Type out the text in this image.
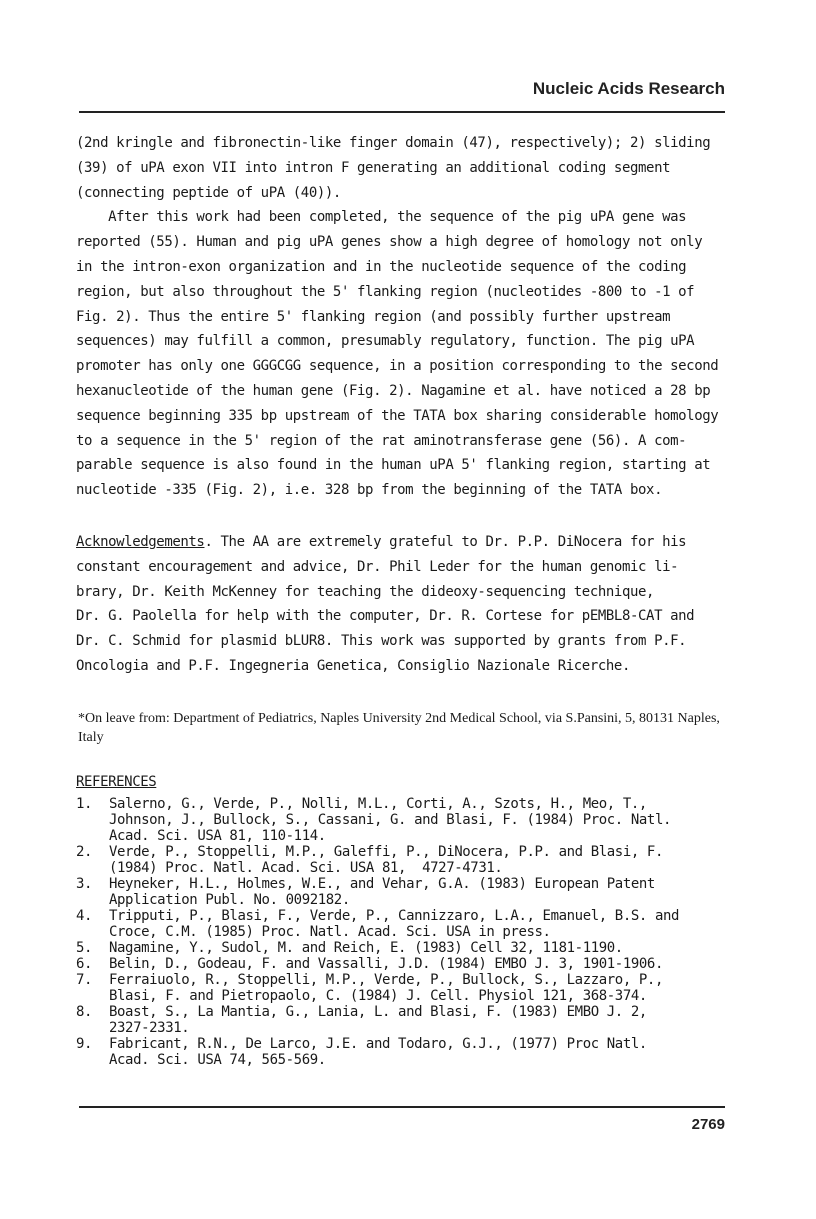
Nucleic Acids Research
(2nd kringle and fibronectin-like finger domain (47), respectively); 2) sliding
(39) of uPA exon VII into intron F generating an additional coding segment
(connecting peptide of uPA (40)).
After this work had been completed, the sequence of the pig uPA gene was
reported (55). Human and pig uPA genes show a high degree of homology not only
in the intron-exon organization and in the nucleotide sequence of the coding
region, but also throughout the 5' flanking region (nucleotides -800 to -1 of
Fig. 2). Thus the entire 5' flanking region (and possibly further upstream
sequences) may fulfill a common, presumably regulatory, function. The pig uPA
promoter has only one GGGCGG sequence, in a position corresponding to the second
hexanucleotide of the human gene (Fig. 2). Nagamine et al. have noticed a 28 bp
sequence beginning 335 bp upstream of the TATA box sharing considerable homology
to a sequence in the 5' region of the rat aminotransferase gene (56). A com-
parable sequence is also found in the human uPA 5' flanking region, starting at
nucleotide -335 (Fig. 2), i.e. 328 bp from the beginning of the TATA box.
Acknowledgements. The AA are extremely grateful to Dr. P.P. DiNocera for his
constant encouragement and advice, Dr. Phil Leder for the human genomic li-
brary, Dr. Keith McKenney for teaching the dideoxy-sequencing technique,
Dr. G. Paolella for help with the computer, Dr. R. Cortese for pEMBL8-CAT and
Dr. C. Schmid for plasmid bLUR8. This work was supported by grants from P.F.
Oncologia and P.F. Ingegneria Genetica, Consiglio Nazionale Ricerche.
*On leave from: Department of Pediatrics, Naples University 2nd Medical School, via S.Pansini, 5, 80131 Naples, Italy
REFERENCES
1. Salerno, G., Verde, P., Nolli, M.L., Corti, A., Szots, H., Meo, T.,
Johnson, J., Bullock, S., Cassani, G. and Blasi, F. (1984) Proc. Natl.
Acad. Sci. USA 81, 110-114.
2. Verde, P., Stoppelli, M.P., Galeffi, P., DiNocera, P.P. and Blasi, F.
(1984) Proc. Natl. Acad. Sci. USA 81,  4727-4731.
3. Heyneker, H.L., Holmes, W.E., and Vehar, G.A. (1983) European Patent
Application Publ. No. 0092182.
4. Tripputi, P., Blasi, F., Verde, P., Cannizzaro, L.A., Emanuel, B.S. and
Croce, C.M. (1985) Proc. Natl. Acad. Sci. USA in press.
5. Nagamine, Y., Sudol, M. and Reich, E. (1983) Cell 32, 1181-1190.
6. Belin, D., Godeau, F. and Vassalli, J.D. (1984) EMBO J. 3, 1901-1906.
7. Ferraiuolo, R., Stoppelli, M.P., Verde, P., Bullock, S., Lazzaro, P.,
Blasi, F. and Pietropaolo, C. (1984) J. Cell. Physiol 121, 368-374.
8. Boast, S., La Mantia, G., Lania, L. and Blasi, F. (1983) EMBO J. 2,
2327-2331.
9. Fabricant, R.N., De Larco, J.E. and Todaro, G.J., (1977) Proc Natl.
Acad. Sci. USA 74, 565-569.
2769
